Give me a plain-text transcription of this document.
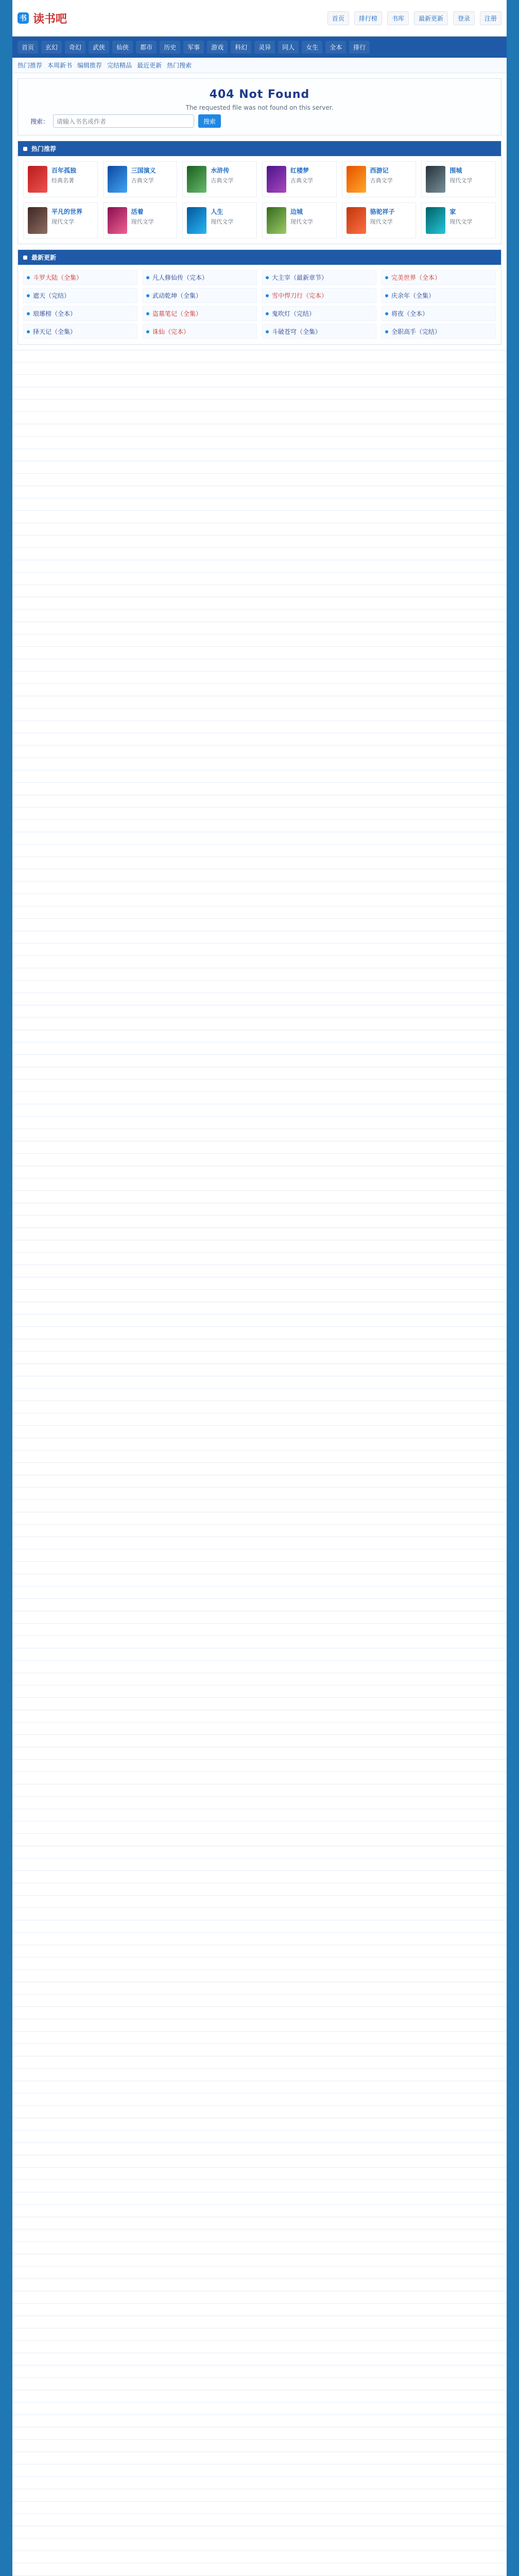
书 读书吧	首页	排行榜	书库	最新更新	登录	注册
首页	玄幻	奇幻	武侠	仙侠	都市	历史	军事	游戏	科幻	灵异	同人	女生	全本	排行
热门推荐 本周新书 编辑推荐 完结精品 最近更新 热门搜索
404 Not Found

The requested file was not found on this server.

搜索：	请输入书名或作者	搜索
热门推荐
百年孤独
经典名著
三国演义
古典文学
水浒传
古典文学
红楼梦
古典文学
西游记
古典文学
围城
现代文学
平凡的世界
现代文学
活着
现代文学
人生
现代文学
边城
现代文学
骆驼祥子
现代文学
家
现代文学
最新更新
斗罗大陆（全集）	凡人修仙传（完本）	大主宰（最新章节）	完美世界（全本）
遮天（完结）	武动乾坤（全集）	雪中悍刀行（完本）	庆余年（全集）
琅琊榜（全本）	盗墓笔记（全集）	鬼吹灯（完结）	将夜（全本）
择天记（全集）	诛仙（完本）	斗破苍穹（全集）	全职高手（完结）
